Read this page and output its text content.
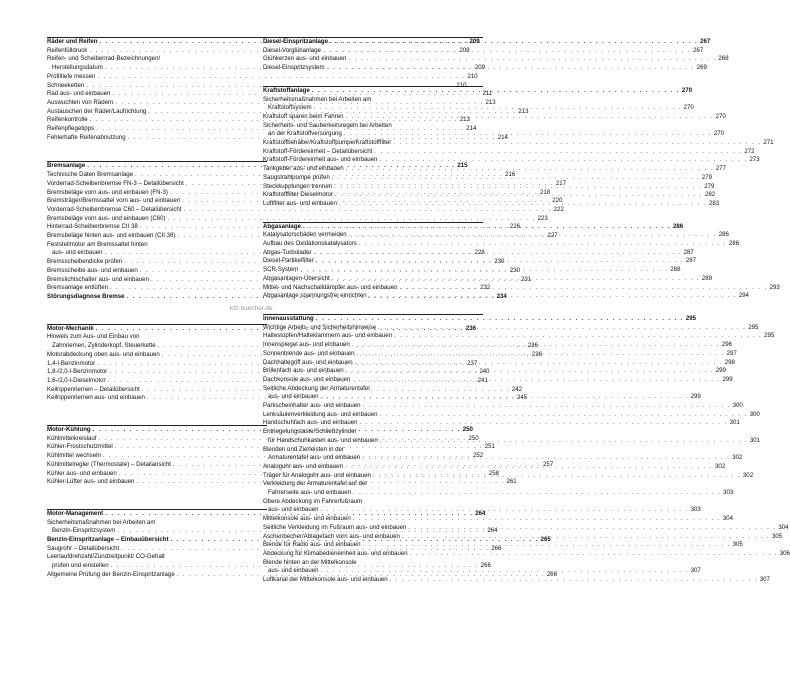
Räder und Reifen . . .	209
Reifenfülldruck . . .	209
Reifen- und Scheibenrad-Bezeichnungen/
Herstellungsdatum . . .	209
Profiltiefe messen . . .	210
Schneeketten . . .	210
Rad aus- und einbauen . . .	211
Auswuchten von Rädern . . .	213
Austauschen der Räder/Laufrichtung . . .	213
Reifenkontrolle . . .	213
Reifenpflegetipps . . .	214
Fehlerhafte Reifenabnutzung . . .	214
Bremsanlage . . .	215
Technische Daten Bremsanlage . . .	216
Vorderrad-Scheibenbremse FN-3 – Detailübersicht . . .	217
Bremsbeläge vorn aus- und einbauen (FN-3) . . .	218
Bremsträger/Bremssattel vorn aus- und einbauen . . .	220
Vorderrad-Scheibenbremse C60 – Detailübersicht . . .	222
Bremsbeläge vorn aus- und einbauen (C60) . . .	223
Hinterrad-Scheibenbremse CII 38 . . .	226
Bremsbeläge hinten aus- und einbauen (CII 38) . . .	227
Feststellmotor am Bremssattel hinten
aus- und einbauen . . .	228
Bremsscheibendicke prüfen . . .	230
Bremsscheibe aus- und einbauen . . .	230
Bremslichtschalter aus- und einbauen . . .	231
Bremsanlage entlüften . . .	232
Störungsdiagnose Bremse . . .	234
Motor-Mechanik . . .	236
Hinweis zum Aus- und Einbau von
Zahnriemen, Zylinderkopf, Steuerkette . . .	236
Motorabdeckung oben aus- und einbauen . . .	236
1,4-l-Benzinmotor . . .	237
1,8-/2,0-l-Benzinmotor . . .	240
1,6-/2,0-l-Dieselmotor . . .	241
Keilrippenriemen – Detailübersicht . . .	242
Keilrippenriemen aus- und einbauen . . .	245
Motor-Kühlung . . .	250
Kühlmittelkreislauf . . .	250
Kühler-Frostschutzmittel . . .	251
Kühlmittel wechseln . . .	252
Kühlmittelregler (Thermostate) – Detailansicht . . .	257
Kühler aus- und einbauen . . .	258
Kühler-Lüfter aus- und einbauen . . .	261
Motor-Management . . .	264
Sicherheitsmaßnahmen bei Arbeiten am
Benzin-Einspritzsystem . . .	264
Benzin-Einspritzanlage – Einbauübersicht . . .	265
Saugrohr – Detailübersicht . . .	266
Leerlaufdrehzahl/Zündzeitpunkt/ CO-Gehalt
prüfen und einstellen . . .	266
Allgemeine Prüfung der Benzin-Einspritzanlage . . .	266
Diesel-Einspritzanlage . . .	267
Diesel-Vorglühanlage . . .	267
Glühkerzen aus- und einbauen . . .	268
Diesel-Einspritzsystem . . .	269
Kraftstoffanlage . . .	270
Sicherheitsmaßnahmen bei Arbeiten am
Kraftstoffsystem . . .	270
Kraftstoff sparen beim Fahren . . .	270
Sicherheits- und Sauberkeitsregeln bei Arbeiten
an der Kraftstoffversorgung . . .	270
Kraftstoffbehälter/Kraftstoffpumpe/Kraftstofffilter . . .	271
Kraftstoff-Fördereinheit – Detailübersicht . . .	272
Kraftstoff-Fördereinheit aus- und einbauen . . .	273
Tankgeber aus- und einbauen . . .	277
Saugstrahlpumpe prüfen . . .	279
Steckkupplungen trennen . . .	279
Kraftstofffilter Dieselmotor . . .	282
Luftfilter aus- und einbauen . . .	283
Abgasanlage . . .	286
Katalysatorschäden vermeiden . . .	286
Aufbau des Oxidationskatalysators . . .	286
Abgas-Turbolader . . .	287
Diesel-Partikelfilter . . .	287
SCR-System . . .	288
Abgasanlagen-Übersicht . . .	289
Mittel- und Nachschalldämpfer aus- und einbauen . . .	293
Abgasanlage spannungsfrei einrichten . . .	294
Innenausstattung . . .	295
Wichtige Arbeits- und Sicherheitshinweise . . .	295
Haltestopfen/Halteklammern aus- und einbauen . . .	295
Innenspiegel aus- und einbauen . . .	296
Sonnenblende aus- und einbauen . . .	297
Dachhaltegriff aus- und einbauen . . .	298
Brillenfach aus- und einbauen . . .	299
Dachkonsole aus- und einbauen . . .	299
Seitliche Abdeckung der Armaturentafel
aus- und einbauen . . .	299
Parkscheinhalter aus- und einbauen . . .	300
Lenksäulenverkleidung aus- und einbauen . . .	300
Handschuhfach aus- und einbauen . . .	301
Entriegelungstaste/Schließzylinder
für Handschuhkasten aus- und einbauen . . .	301
Blenden und Zierleisten in der
Armaturentafel aus- und einbauen . . .	302
Analoguhr aus- und einbauen . . .	302
Träger für Analoguhr aus- und einbauen . . .	302
Verkleidung der Armaturentafel auf der
Fahrerseite aus- und einbauen . . .	303
Obere Abdeckung im Fahrerfußraum
aus- und einbauen . . .	303
Mittelkonsole aus- und einbauen . . .	304
Seitliche Verkleidung im Fußraum aus- und einbauen . . .	304
Aschenbecher/Ablagefach vorn aus- und einbauen . . .	305
Blende für Radio aus- und einbauen . . .	305
Abdeckung für Klimabedieneinheit aus- und einbauen . . .	306
Blende hinten an der Mittelkonsole
aus- und einbauen . . .	307
Luftkanal der Mittelkonsole aus- und einbauen . . .	307
kfz-buecher.de
